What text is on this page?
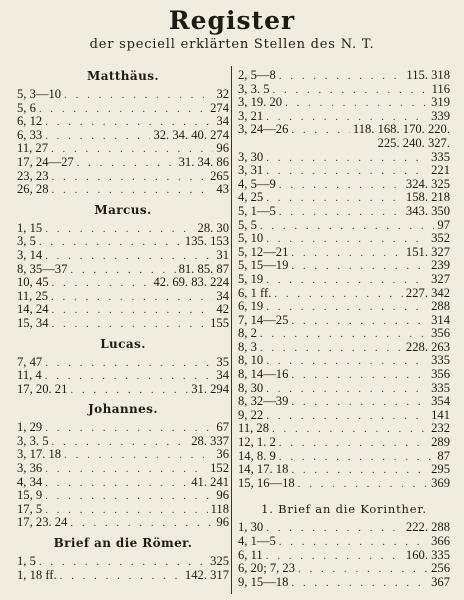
Register
der speciell erklärten Stellen des N. T.
Matthäus.
5, 3—10 . . .	32
5, 6 . . .	274
6, 12 . . .	34
6, 33 . . .	32. 34. 40. 274
11, 27 . . .	96
17, 24—27 . . .	31. 34. 86
23, 23 . . .	265
26, 28 . . .	43
Marcus.
1, 15 . . .	28. 30
3, 5 . . .	135. 153
3, 14 . . .	31
8, 35—37 . . .	81. 85. 87
10, 45 . . .	42. 69. 83. 224
11, 25 . . .	34
14, 24 . . .	42
15, 34 . . .	155
Lucas.
7, 47 . . .	35
11, 4 . . .	34
17, 20. 21 . . .	31. 294
Johannes.
1, 29 . . .	67
3, 3. 5 . . .	28. 337
3, 17. 18 . . .	36
3, 36 . . .	152
4, 34 . . .	41. 241
15, 9 . . .	96
17, 5 . . .	118
17, 23. 24 . . .	96
Brief an die Römer.
1, 5 . . .	325
1, 18 ff. . . .	142. 317
2, 5—8 . . .	115. 318
3, 3. 5 . . .	116
3, 19. 20 . . .	319
3, 21 . . .	339
3, 24—26 . . .	118. 168. 170. 220.
225. 240. 327.
3, 30 . . .	335
3, 31 . . .	221
4, 5—9 . . .	324. 325
4, 25 . . .	158. 218
5, 1—5 . . .	343. 350
5, 5 . . .	97
5, 10 . . .	352
5, 12—21 . . .	151. 327
5, 15—19 . . .	239
5, 19 . . .	327
6, 1 ff. . . .	227. 342
6, 19 . . .	288
7, 14—25 . . .	314
8, 2 . . .	356
8, 3 . . .	228. 263
8, 10 . . .	335
8, 14—16 . . .	356
8, 30 . . .	335
8, 32—39 . . .	354
9, 22 . . .	141
11, 28 . . .	232
12, 1. 2 . . .	289
14, 8. 9 . . .	87
14, 17. 18 . . .	295
15, 16—18 . . .	369
1. Brief an die Korinther.
1, 30 . . .	222. 288
4, 1—5 . . .	366
6, 11 . . .	160. 335
6, 20; 7, 23 . . .	256
9, 15—18 . . .	367
